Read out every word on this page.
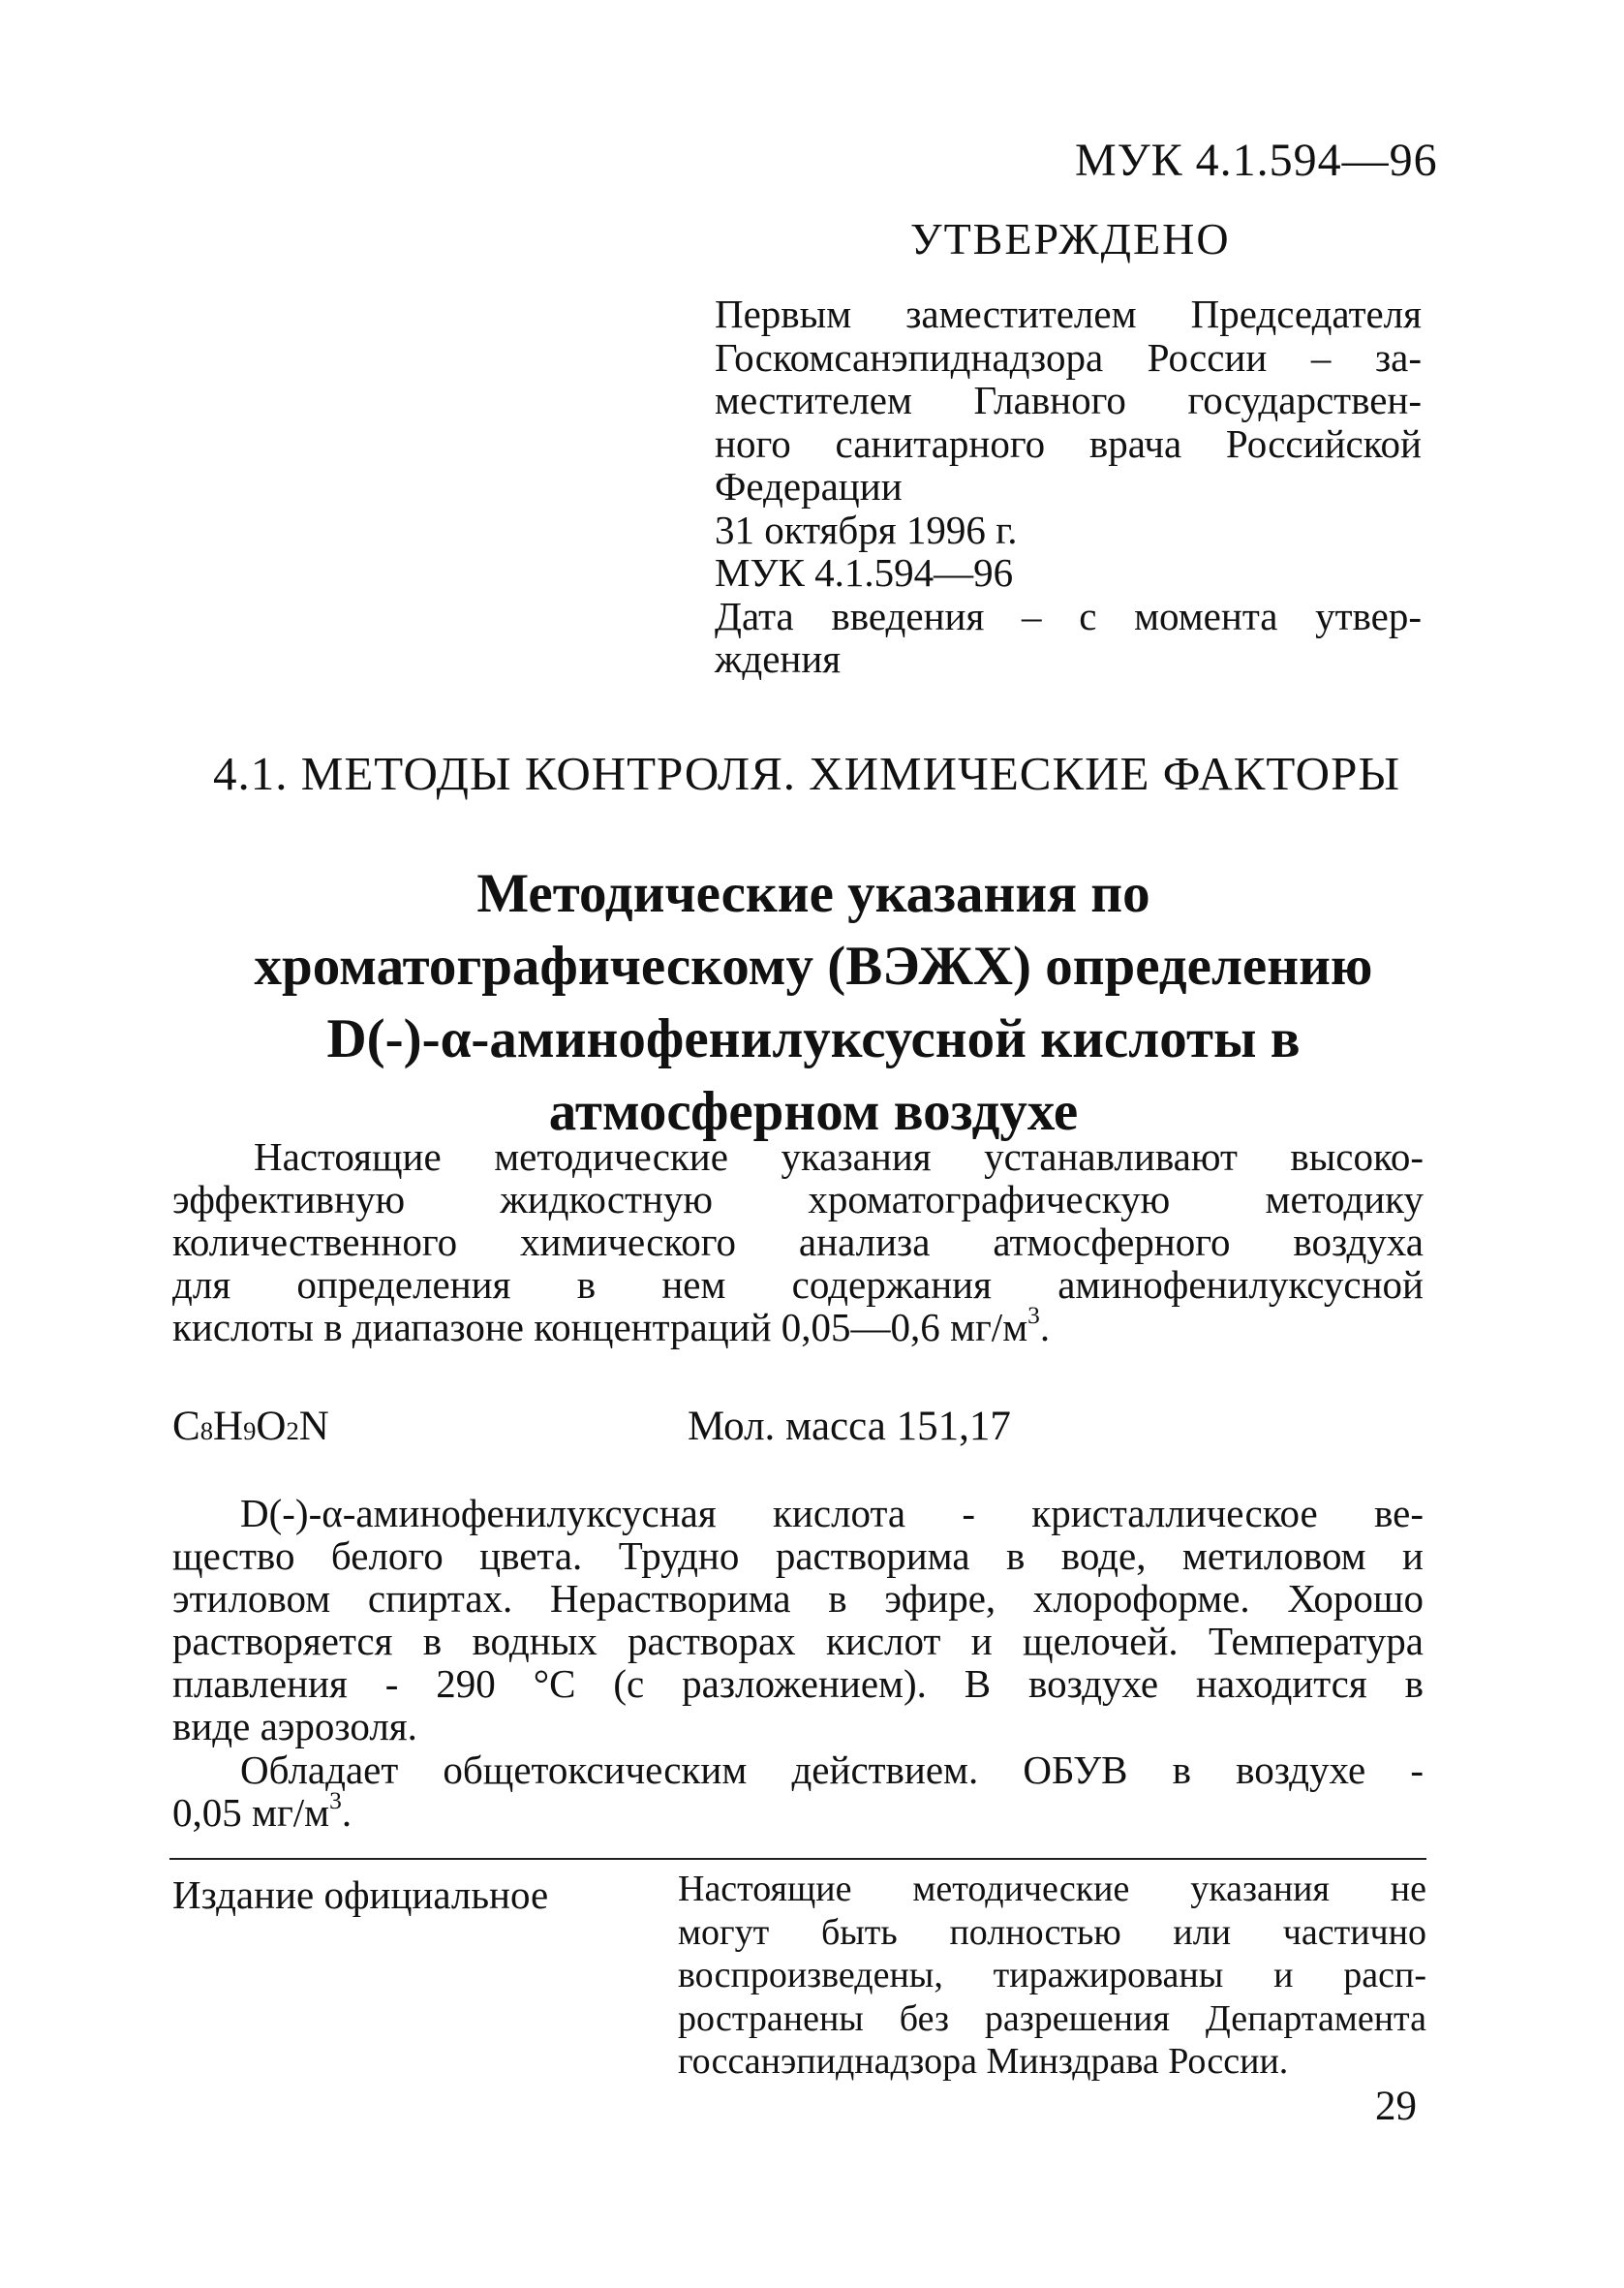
МУК 4.1.594—96
УТВЕРЖДЕНО
Первым заместителем Председателя
Госкомсанэпиднадзора России – за-
местителем Главного государствен-
ного санитарного врача Российской
Федерации
31 октября 1996 г.
МУК 4.1.594—96
Дата введения – с момента утвер-
ждения
4.1. МЕТОДЫ КОНТРОЛЯ. ХИМИЧЕСКИЕ ФАКТОРЫ
Методические указания по
хроматографическому (ВЭЖХ) определению
D(-)-α-аминофенилуксусной кислоты в
атмосферном воздухе
Настоящие методические указания устанавливают высоко-
эффективную жидкостную хроматографическую методику
количественного химического анализа атмосферного воздуха
для определения в нем содержания аминофенилуксусной
кислоты в диапазоне концентраций 0,05—0,6 $мг/м^3$.
C8H9O2N	Мол. масса 151,17
D(-)-α-аминофенилуксусная кислота - кристаллическое ве-
щество белого цвета. Трудно растворима в воде, метиловом и
этиловом спиртах. Нерастворима в эфире, хлороформе. Хорошо
растворяется в водных растворах кислот и щелочей. Температура
плавления - 290 °С (с разложением). В воздухе находится в
виде аэрозоля.
Обладает общетоксическим действием. ОБУВ в воздухе -
0,05 $мг/м^3$.
Издание официальное	Настоящие методические указания не
могут быть полностью или частично
воспроизведены, тиражированы и расп-
ространены без разрешения Департамента
госсанэпиднадзора Минздрава России.
29
